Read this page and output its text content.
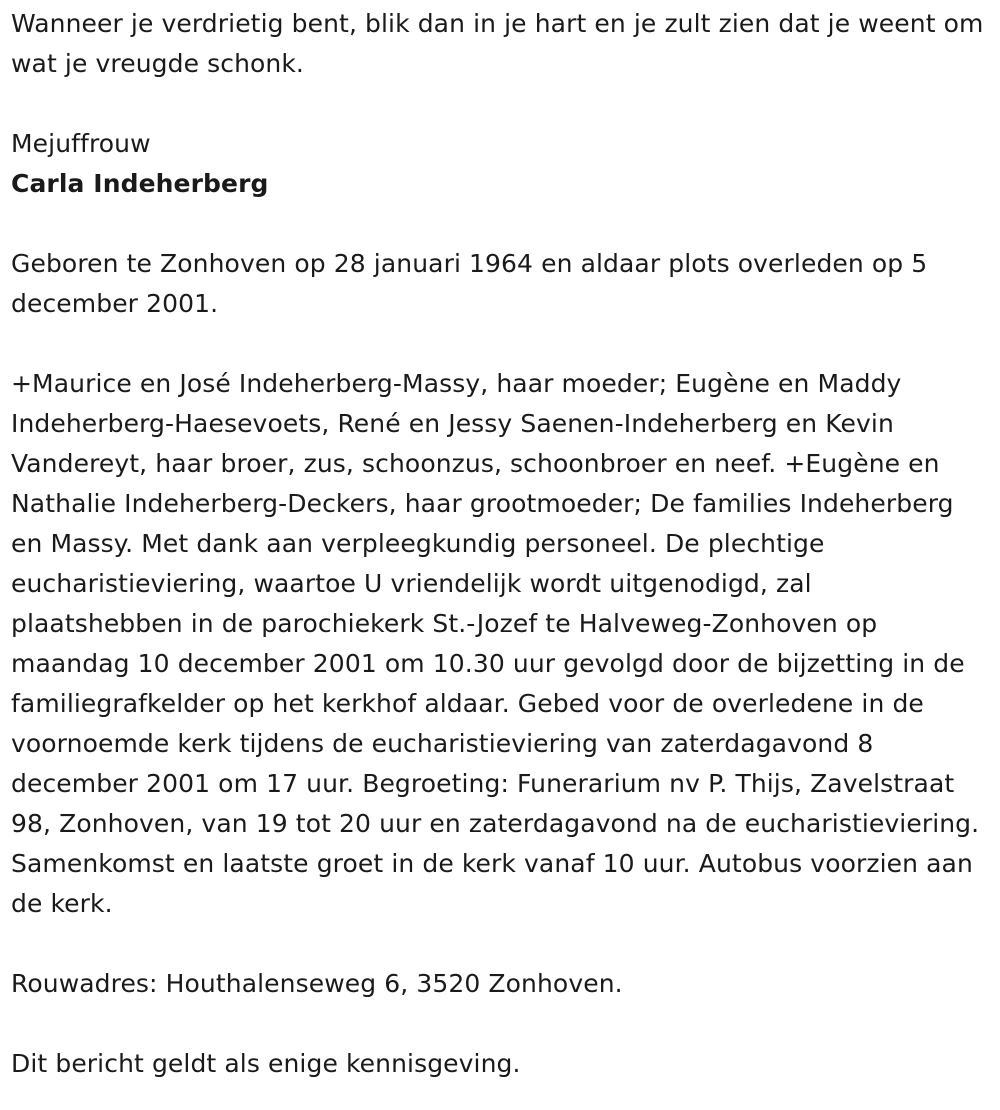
Wanneer je verdrietig bent, blik dan in je hart en je zult zien dat je weent om wat je vreugde schonk.

Mejuffrouw

Carla Indeherberg

Geboren te Zonhoven op 28 januari 1964 en aldaar plots overleden op 5 december 2001.

+Maurice en José Indeherberg-Massy, haar moeder; Eugène en Maddy Indeherberg-Haesevoets, René en Jessy Saenen-Indeherberg en Kevin Vandereyt, haar broer, zus, schoonzus, schoonbroer en neef. +Eugène en Nathalie Indeherberg-Deckers, haar grootmoeder; De families Indeherberg en Massy. Met dank aan verpleegkundig personeel. De plechtige eucharistieviering, waartoe U vriendelijk wordt uitgenodigd, zal plaatshebben in de parochiekerk St.-Jozef te Halveweg-Zonhoven op maandag 10 december 2001 om 10.30 uur gevolgd door de bijzetting in de familiegrafkelder op het kerkhof aldaar. Gebed voor de overledene in de voornoemde kerk tijdens de eucharistieviering van zaterdagavond 8 december 2001 om 17 uur. Begroeting: Funerarium nv P. Thijs, Zavelstraat 98, Zonhoven, van 19 tot 20 uur en zaterdagavond na de eucharistieviering. Samenkomst en laatste groet in de kerk vanaf 10 uur. Autobus voorzien aan de kerk.

Rouwadres: Houthalenseweg 6, 3520 Zonhoven.

Dit bericht geldt als enige kennisgeving.
